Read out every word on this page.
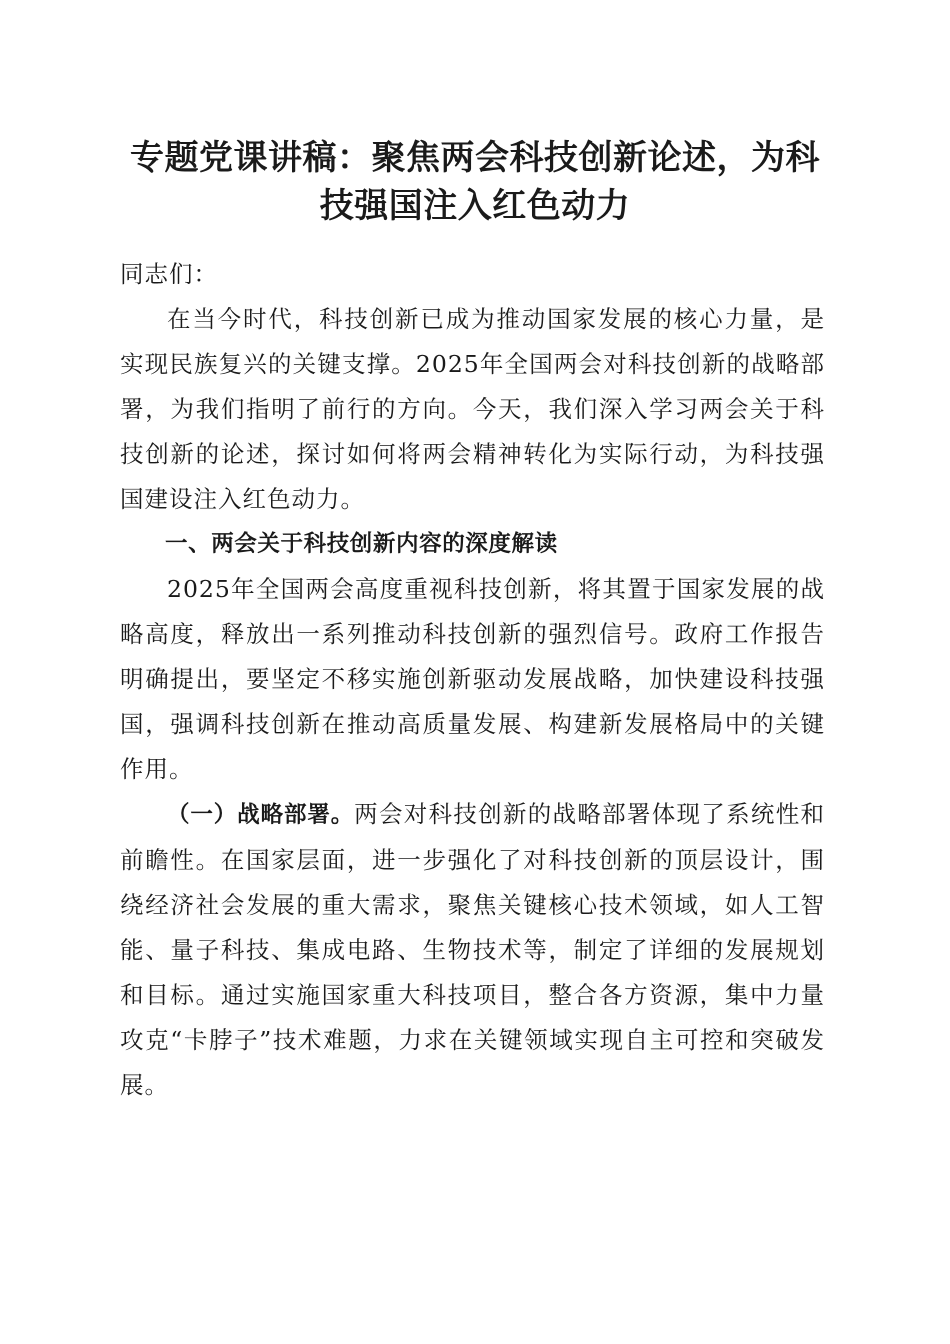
专题党课讲稿：聚焦两会科技创新论述，为科
技强国注入红色动力

同志们：

在当今时代，科技创新已成为推动国家发展的核心力量，是实现民族复兴的关键支撑。2025年全国两会对科技创新的战略部署，为我们指明了前行的方向。今天，我们深入学习两会关于科技创新的论述，探讨如何将两会精神转化为实际行动，为科技强国建设注入红色动力。

一、两会关于科技创新内容的深度解读

2025年全国两会高度重视科技创新，将其置于国家发展的战略高度，释放出一系列推动科技创新的强烈信号。政府工作报告明确提出，要坚定不移实施创新驱动发展战略，加快建设科技强国，强调科技创新在推动高质量发展、构建新发展格局中的关键作用。

（一）战略部署。两会对科技创新的战略部署体现了系统性和前瞻性。在国家层面，进一步强化了对科技创新的顶层设计，围绕经济社会发展的重大需求，聚焦关键核心技术领域，如人工智能、量子科技、集成电路、生物技术等，制定了详细的发展规划和目标。通过实施国家重大科技项目，整合各方资源，集中力量攻克“卡脖子”技术难题，力求在关键领域实现自主可控和突破发展。
